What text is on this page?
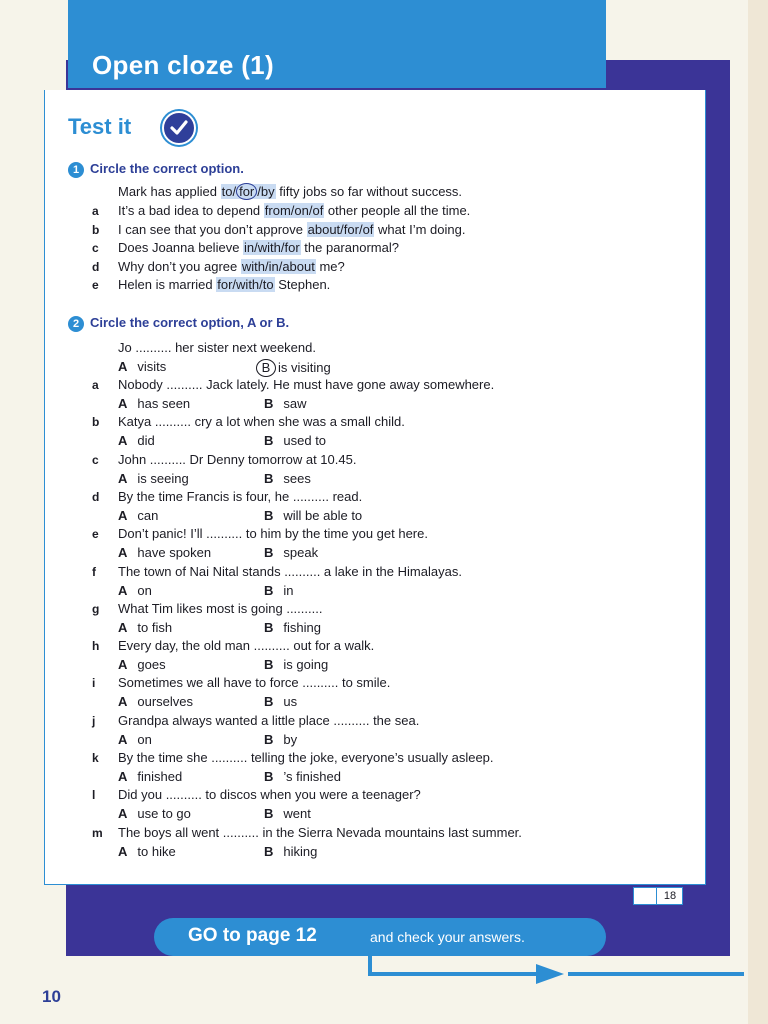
Open cloze (1)
Test it
1 Circle the correct option.
Mark has applied to/ for /by fifty jobs so far without success.
a It’s a bad idea to depend from/on/of other people all the time.
b I can see that you don’t approve about/for/of what I’m doing.
c Does Joanna believe in/with/for the paranormal?
d Why don’t you agree with/in/about me?
e Helen is married for/with/to Stephen.
2 Circle the correct option, A or B.
Jo .......... her sister next weekend.
A visits	B is visiting
a Nobody .......... Jack lately. He must have gone away somewhere.
A has seen	B saw
b Katya .......... cry a lot when she was a small child.
A did	B used to
c John .......... Dr Denny tomorrow at 10.45.
A is seeing	B sees
d By the time Francis is four, he .......... read.
A can	B will be able to
e Don’t panic! I’ll .......... to him by the time you get here.
A have spoken	B speak
f The town of Nai Nital stands .......... a lake in the Himalayas.
A on	B in
g What Tim likes most is going ..........
A to fish	B fishing
h Every day, the old man .......... out for a walk.
A goes	B is going
i Sometimes we all have to force .......... to smile.
A ourselves	B us
j Grandpa always wanted a little place .......... the sea.
A on	B by
k By the time she .......... telling the joke, everyone’s usually asleep.
A finished	B ’s finished
l Did you .......... to discos when you were a teenager?
A use to go	B went
m The boys all went .......... in the Sierra Nevada mountains last summer.
A to hike	B hiking
18
GO to page 12	and check your answers.
10
